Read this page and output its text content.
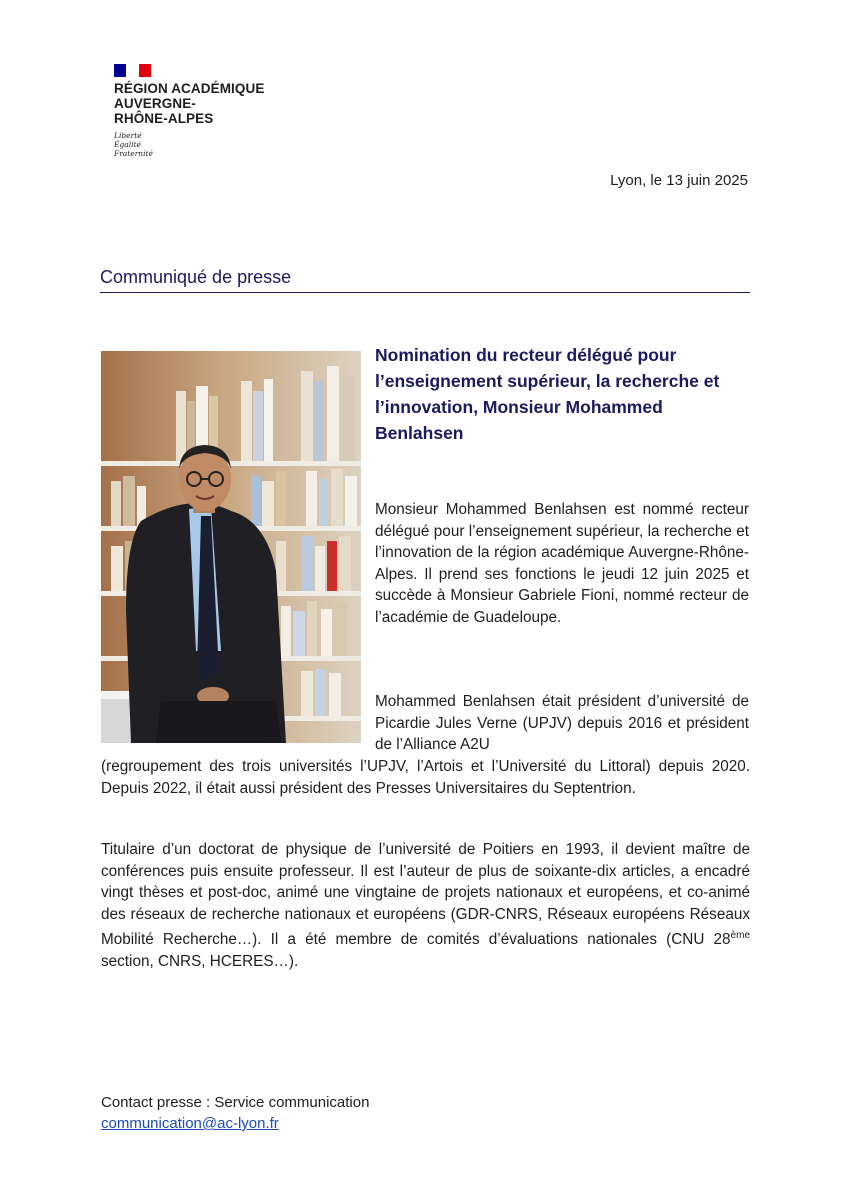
RÉGION ACADÉMIQUE
AUVERGNE-
RHÔNE-ALPES
Liberté
Égalité
Fraternité
Lyon, le 13 juin 2025
Communiqué de presse
Nomination du recteur délégué pour l’enseignement supérieur, la recherche et l’innovation, Monsieur Mohammed Benlahsen
Monsieur Mohammed Benlahsen est nommé recteur délégué pour l’enseignement supérieur, la recherche et l’innovation de la région académique Auvergne-Rhône-Alpes. Il prend ses fonctions le jeudi 12 juin 2025 et succède à Monsieur Gabriele Fioni, nommé recteur de l’académie de Guadeloupe.
Mohammed Benlahsen était président d’université de Picardie Jules Verne (UPJV) depuis 2016 et président de l’Alliance A2U
(regroupement des trois universités l’UPJV, l’Artois et l’Université du Littoral) depuis 2020. Depuis 2022, il était aussi président des Presses Universitaires du Septentrion.
Titulaire d’un doctorat de physique de l’université de Poitiers en 1993, il devient maître de conférences puis ensuite professeur. Il est l’auteur de plus de soixante-dix articles, a encadré vingt thèses et post-doc, animé une vingtaine de projets nationaux et européens, et co-animé des réseaux de recherche nationaux et européens (GDR-CNRS, Réseaux européens Réseaux Mobilité Recherche…). Il a été membre de comités d’évaluations nationales (CNU 28ème section, CNRS, HCERES…).
Contact presse : Service communication
communication@ac-lyon.fr
